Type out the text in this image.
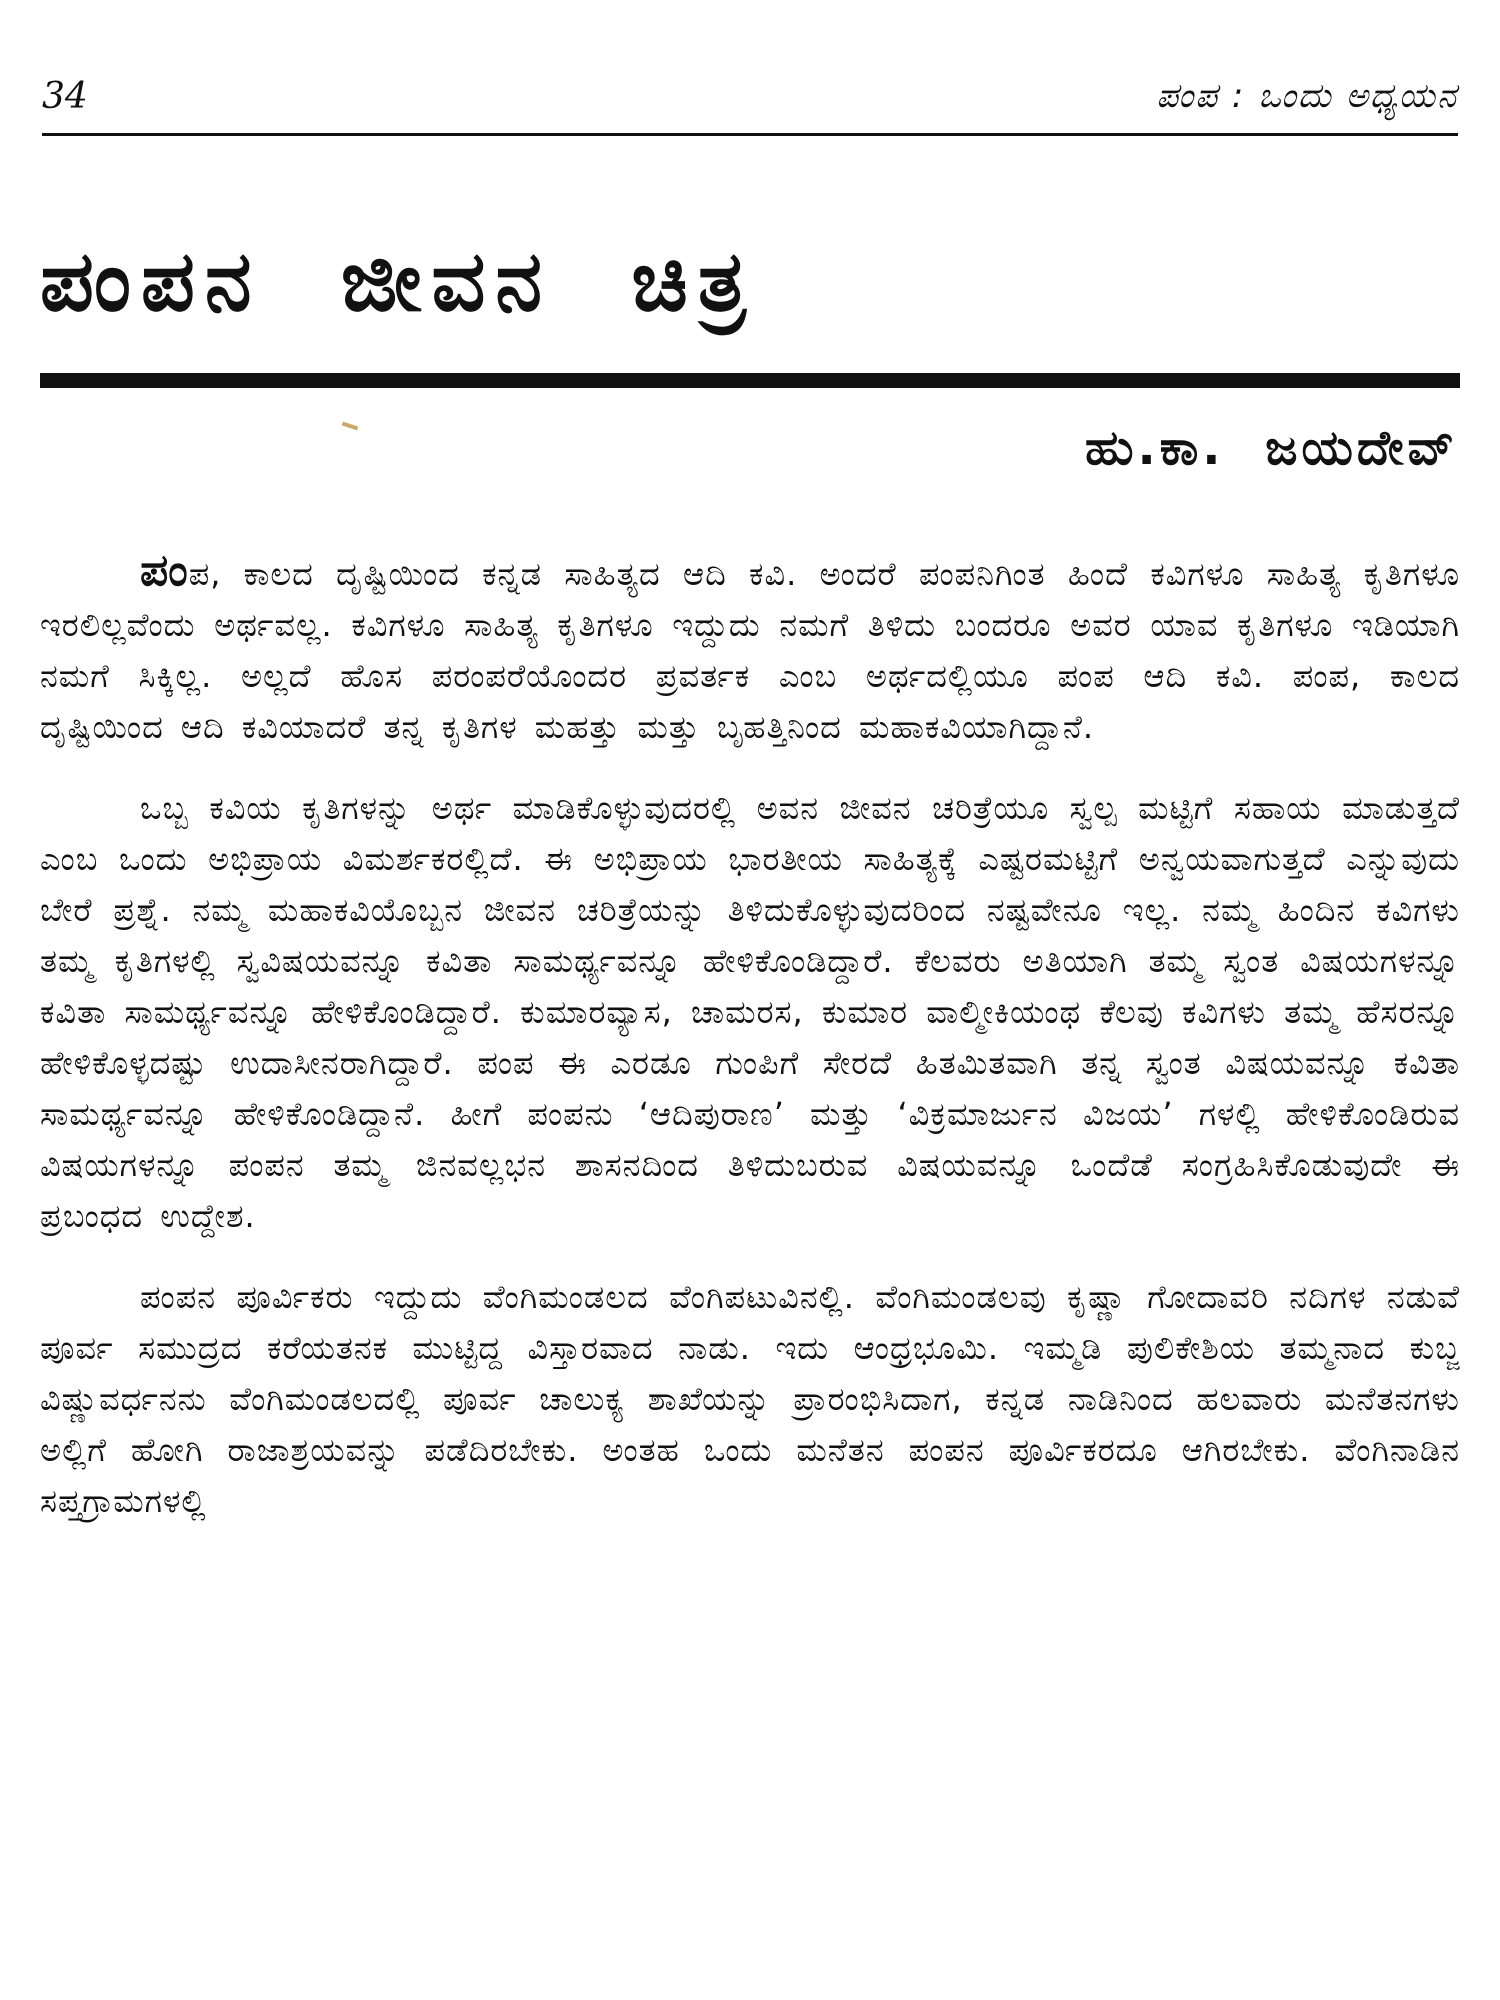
34	ಪಂಪ : ಒಂದು ಅಧ್ಯಯನ
ಪಂಪನ ಜೀವನ ಚಿತ್ರ
ಹು.ಕಾ. ಜಯದೇವ್

ಪಂಪ, ಕಾಲದ ದೃಷ್ಟಿಯಿಂದ ಕನ್ನಡ ಸಾಹಿತ್ಯದ ಆದಿ ಕವಿ. ಅಂದರೆ ಪಂಪನಿಗಿಂತ ಹಿಂದೆ ಕವಿಗಳೂ ಸಾಹಿತ್ಯ ಕೃತಿಗಳೂ ಇರಲಿಲ್ಲವೆಂದು ಅರ್ಥವಲ್ಲ. ಕವಿಗಳೂ ಸಾಹಿತ್ಯ ಕೃತಿಗಳೂ ಇದ್ದುದು ನಮಗೆ ತಿಳಿದು ಬಂದರೂ ಅವರ ಯಾವ ಕೃತಿಗಳೂ ಇಡಿಯಾಗಿ ನಮಗೆ ಸಿಕ್ಕಿಲ್ಲ. ಅಲ್ಲದೆ ಹೊಸ ಪರಂಪರೆಯೊಂದರ ಪ್ರವರ್ತಕ ಎಂಬ ಅರ್ಥದಲ್ಲಿಯೂ ಪಂಪ ಆದಿ ಕವಿ. ಪಂಪ, ಕಾಲದ ದೃಷ್ಟಿಯಿಂದ ಆದಿ ಕವಿಯಾದರೆ ತನ್ನ ಕೃತಿಗಳ ಮಹತ್ತು ಮತ್ತು ಬೃಹತ್ತಿನಿಂದ ಮಹಾಕವಿಯಾಗಿದ್ದಾನೆ.

ಒಬ್ಬ ಕವಿಯ ಕೃತಿಗಳನ್ನು ಅರ್ಥ ಮಾಡಿಕೊಳ್ಳುವುದರಲ್ಲಿ ಅವನ ಜೀವನ ಚರಿತ್ರೆಯೂ ಸ್ವಲ್ಪ ಮಟ್ಟಿಗೆ ಸಹಾಯ ಮಾಡುತ್ತದೆ ಎಂಬ ಒಂದು ಅಭಿಪ್ರಾಯ ವಿಮರ್ಶಕರಲ್ಲಿದೆ. ಈ ಅಭಿಪ್ರಾಯ ಭಾರತೀಯ ಸಾಹಿತ್ಯಕ್ಕೆ ಎಷ್ಟರಮಟ್ಟಿಗೆ ಅನ್ವಯವಾಗುತ್ತದೆ ಎನ್ನುವುದು ಬೇರೆ ಪ್ರಶ್ನೆ. ನಮ್ಮ ಮಹಾಕವಿಯೊಬ್ಬನ ಜೀವನ ಚರಿತ್ರೆಯನ್ನು ತಿಳಿದುಕೊಳ್ಳುವುದರಿಂದ ನಷ್ಟವೇನೂ ಇಲ್ಲ. ನಮ್ಮ ಹಿಂದಿನ ಕವಿಗಳು ತಮ್ಮ ಕೃತಿಗಳಲ್ಲಿ ಸ್ವವಿಷಯವನ್ನೂ ಕವಿತಾ ಸಾಮರ್ಥ್ಯವನ್ನೂ ಹೇಳಿಕೊಂಡಿದ್ದಾರೆ. ಕೆಲವರು ಅತಿಯಾಗಿ ತಮ್ಮ ಸ್ವಂತ ವಿಷಯಗಳನ್ನೂ ಕವಿತಾ ಸಾಮರ್ಥ್ಯವನ್ನೂ ಹೇಳಿಕೊಂಡಿದ್ದಾರೆ. ಕುಮಾರವ್ಯಾಸ, ಚಾಮರಸ, ಕುಮಾರ ವಾಲ್ಮೀಕಿಯಂಥ ಕೆಲವು ಕವಿಗಳು ತಮ್ಮ ಹೆಸರನ್ನೂ ಹೇಳಿಕೊಳ್ಳದಷ್ಟು ಉದಾಸೀನರಾಗಿದ್ದಾರೆ. ಪಂಪ ಈ ಎರಡೂ ಗುಂಪಿಗೆ ಸೇರದೆ ಹಿತಮಿತವಾಗಿ ತನ್ನ ಸ್ವಂತ ವಿಷಯವನ್ನೂ ಕವಿತಾ ಸಾಮರ್ಥ್ಯವನ್ನೂ ಹೇಳಿಕೊಂಡಿದ್ದಾನೆ. ಹೀಗೆ ಪಂಪನು ‘ಆದಿಪುರಾಣ’ ಮತ್ತು ‘ವಿಕ್ರಮಾರ್ಜುನ ವಿಜಯ’ ಗಳಲ್ಲಿ ಹೇಳಿಕೊಂಡಿರುವ ವಿಷಯಗಳನ್ನೂ ಪಂಪನ ತಮ್ಮ ಜಿನವಲ್ಲಭನ ಶಾಸನದಿಂದ ತಿಳಿದುಬರುವ ವಿಷಯವನ್ನೂ ಒಂದೆಡೆ ಸಂಗ್ರಹಿಸಿಕೊಡುವುದೇ ಈ ಪ್ರಬಂಧದ ಉದ್ದೇಶ.

ಪಂಪನ ಪೂರ್ವಿಕರು ಇದ್ದುದು ವೆಂಗಿಮಂಡಲದ ವೆಂಗಿಪಟುವಿನಲ್ಲಿ. ವೆಂಗಿಮಂಡಲವು ಕೃಷ್ಣಾ ಗೋದಾವರಿ ನದಿಗಳ ನಡುವೆ ಪೂರ್ವ ಸಮುದ್ರದ ಕರೆಯತನಕ ಮುಟ್ಟಿದ್ದ ವಿಸ್ತಾರವಾದ ನಾಡು. ಇದು ಆಂಧ್ರಭೂಮಿ. ಇಮ್ಮಡಿ ಪುಲಿಕೇಶಿಯ ತಮ್ಮನಾದ ಕುಬ್ಜ ವಿಷ್ಣುವರ್ಧನನು ವೆಂಗಿಮಂಡಲದಲ್ಲಿ ಪೂರ್ವ ಚಾಲುಕ್ಯ ಶಾಖೆಯನ್ನು ಪ್ರಾರಂಭಿಸಿದಾಗ, ಕನ್ನಡ ನಾಡಿನಿಂದ ಹಲವಾರು ಮನೆತನಗಳು ಅಲ್ಲಿಗೆ ಹೋಗಿ ರಾಜಾಶ್ರಯವನ್ನು ಪಡೆದಿರಬೇಕು. ಅಂತಹ ಒಂದು ಮನೆತನ ಪಂಪನ ಪೂರ್ವಿಕರದೂ ಆಗಿರಬೇಕು. ವೆಂಗಿನಾಡಿನ ಸಪ್ತಗ್ರಾಮಗಳಲ್ಲಿ
